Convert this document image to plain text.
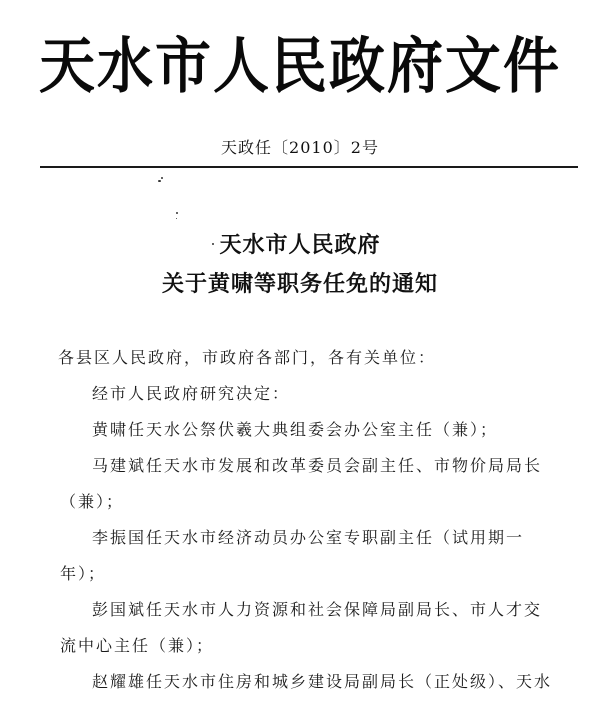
天水市人民政府文件
天政任〔2010〕2号
天水市人民政府
关于黄啸等职务任免的通知

各县区人民政府，市政府各部门，各有关单位：

经市人民政府研究决定：

黄啸任天水公祭伏羲大典组委会办公室主任（兼）；

马建斌任天水市发展和改革委员会副主任、市物价局局长

（兼）；

李振国任天水市经济动员办公室专职副主任（试用期一

年）；

彭国斌任天水市人力资源和社会保障局副局长、市人才交

流中心主任（兼）；

赵耀雄任天水市住房和城乡建设局副局长（正处级）、天水
